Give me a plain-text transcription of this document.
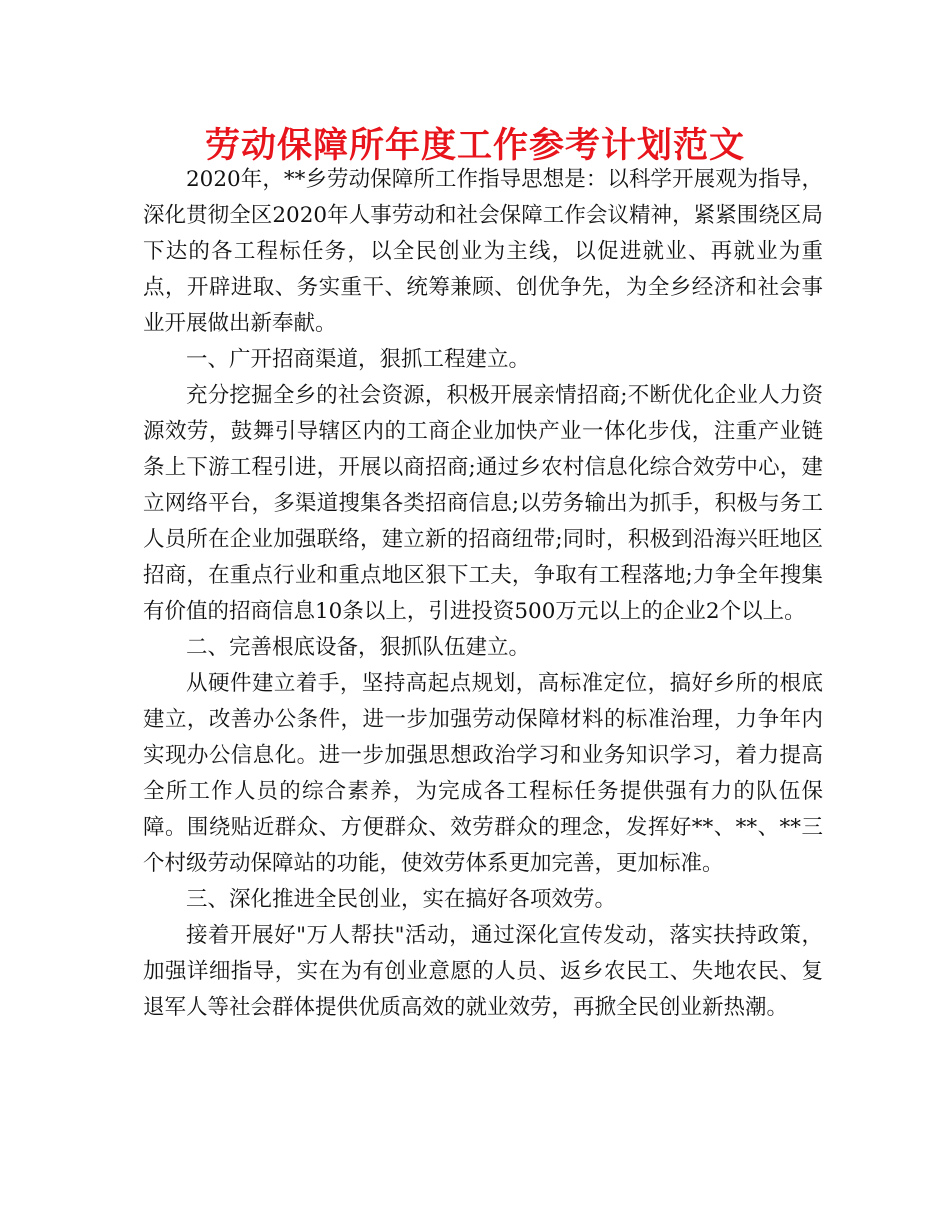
劳动保障所年度工作参考计划范文

2020年，**乡劳动保障所工作指导思想是：以科学开展观为指导，深化贯彻全区2020年人事劳动和社会保障工作会议精神，紧紧围绕区局下达的各工程标任务，以全民创业为主线，以促进就业、再就业为重点，开辟进取、务实重干、统筹兼顾、创优争先，为全乡经济和社会事业开展做出新奉献。

一、广开招商渠道，狠抓工程建立。

充分挖掘全乡的社会资源，积极开展亲情招商;不断优化企业人力资源效劳，鼓舞引导辖区内的工商企业加快产业一体化步伐，注重产业链条上下游工程引进，开展以商招商;通过乡农村信息化综合效劳中心，建立网络平台，多渠道搜集各类招商信息;以劳务输出为抓手，积极与务工人员所在企业加强联络，建立新的招商纽带;同时，积极到沿海兴旺地区招商，在重点行业和重点地区狠下工夫，争取有工程落地;力争全年搜集有价值的招商信息10条以上，引进投资500万元以上的企业2个以上。

二、完善根底设备，狠抓队伍建立。

从硬件建立着手，坚持高起点规划，高标准定位，搞好乡所的根底建立，改善办公条件，进一步加强劳动保障材料的标准治理，力争年内实现办公信息化。进一步加强思想政治学习和业务知识学习，着力提高全所工作人员的综合素养，为完成各工程标任务提供强有力的队伍保障。围绕贴近群众、方便群众、效劳群众的理念，发挥好**、**、**三个村级劳动保障站的功能，使效劳体系更加完善，更加标准。

三、深化推进全民创业，实在搞好各项效劳。

接着开展好"万人帮扶"活动，通过深化宣传发动，落实扶持政策，加强详细指导，实在为有创业意愿的人员、返乡农民工、失地农民、复退军人等社会群体提供优质高效的就业效劳，再掀全民创业新热潮。
